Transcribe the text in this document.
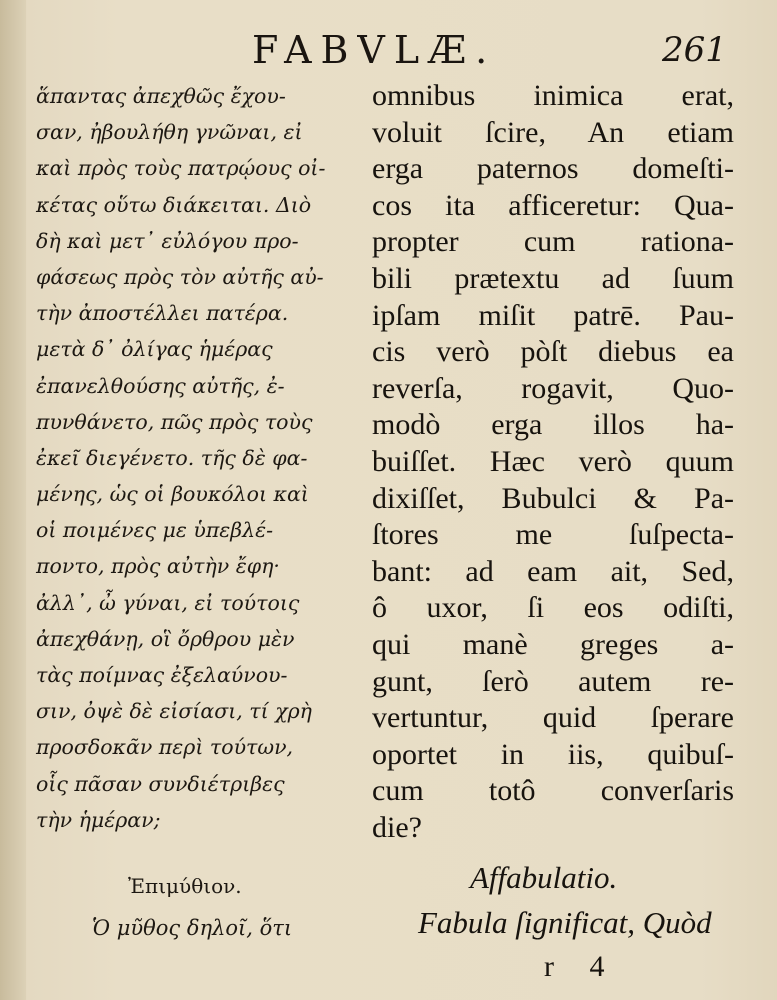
FABVLÆ.	261
ἅπαντας ἀπεχθῶς ἔχου-
σαν, ἠβουλήθη γνῶναι, εἰ
καὶ πρὸς τοὺς πατρῴους οἰ-
κέτας οὕτω διάκειται. Διὸ
δὴ καὶ μετ᾽ εὐλόγου προ-
φάσεως πρὸς τὸν αὐτῆς αὐ-
τὴν ἀποστέλλει πατέρα.
μετὰ δ᾽ ὀλίγας ἡμέρας
ἐπανελθούσης αὐτῆς, ἐ-
πυνθάνετο, πῶς πρὸς τοὺς
ἐκεῖ διεγένετο. τῆς δὲ φα-
μένης, ὡς οἱ βουκόλοι καὶ
οἱ ποιμένες με ὑπεβλέ-
ποντο, πρὸς αὐτὴν ἔφη·
ἀλλ᾽, ὦ γύναι, εἰ τούτοις
ἀπεχθάνῃ, οἳ ὄρθρου μὲν
τὰς ποίμνας ἐξελαύνου-
σιν, ὀψὲ δὲ εἰσίασι, τί χρὴ
προσδοκᾶν περὶ τούτων,
οἷς πᾶσαν συνδιέτριβες
τὴν ἡμέραν;
Ἐπιμύθιον.
Ὁ μῦθος δηλοῖ, ὅτι
omnibus inimica erat,
voluit ſcire, An etiam
erga paternos domeſti-
cos ita afficeretur: Qua-
propter cum rationa-
bili prætextu ad ſuum
ipſam miſit patrē. Pau-
cis verò pòſt diebus ea
reverſa, rogavit, Quo-
modò erga illos ha-
buiſſet. Hæc verò quum
dixiſſet, Bubulci & Pa-
ſtores me ſuſpecta-
bant: ad eam ait, Sed,
ô uxor, ſi eos odiſti,
qui manè greges a-
gunt, ſerò autem re-
vertuntur, quid ſperare
oportet in iis, quibuſ-
cum totô converſaris
die?
Affabulatio.
Fabula ſignificat, Quòd
r 4
